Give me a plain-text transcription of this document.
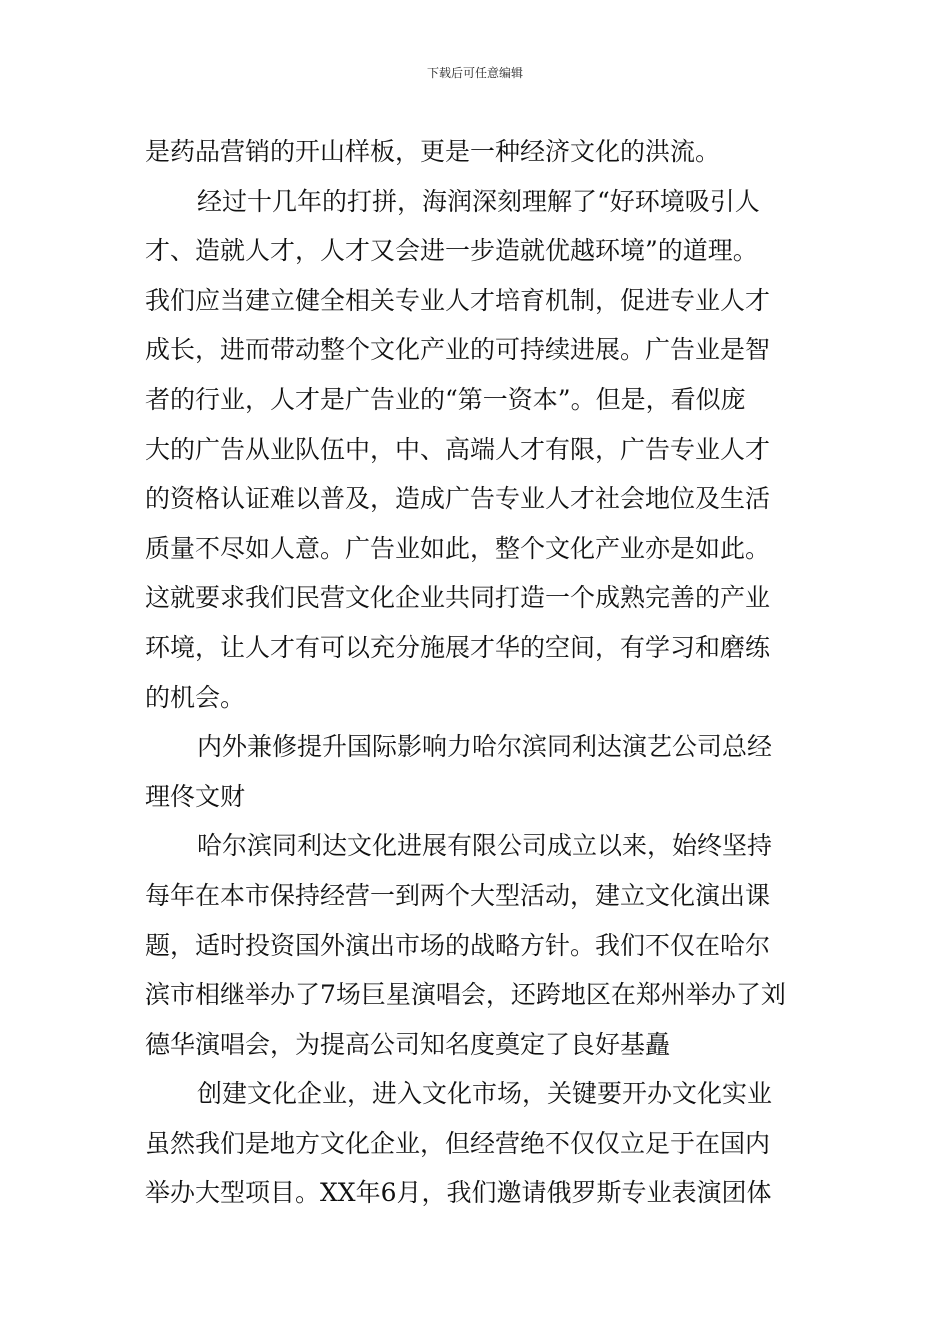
下载后可任意编辑
是药品营销的开山样板，更是一种经济文化的洪流。
经过十几年的打拼，海润深刻理解了“好环境吸引人
才、造就人才，人才又会进一步造就优越环境”的道理。
我们应当建立健全相关专业人才培育机制，促进专业人才
成长，进而带动整个文化产业的可持续进展。广告业是智
者的行业，人才是广告业的“第一资本”。但是，看似庞
大的广告从业队伍中，中、高端人才有限，广告专业人才
的资格认证难以普及，造成广告专业人才社会地位及生活
质量不尽如人意。广告业如此，整个文化产业亦是如此。
这就要求我们民营文化企业共同打造一个成熟完善的产业
环境，让人才有可以充分施展才华的空间，有学习和磨练
的机会。
内外兼修提升国际影响力哈尔滨同利达演艺公司总经
理佟文财
哈尔滨同利达文化进展有限公司成立以来，始终坚持
每年在本市保持经营一到两个大型活动，建立文化演出课
题，适时投资国外演出市场的战略方针。我们不仅在哈尔
滨市相继举办了7场巨星演唱会，还跨地区在郑州举办了刘
德华演唱会，为提高公司知名度奠定了良好基矗
创建文化企业，进入文化市场，关键要开办文化实业
虽然我们是地方文化企业，但经营绝不仅仅立足于在国内
举办大型项目。XX年6月，我们邀请俄罗斯专业表演团体
